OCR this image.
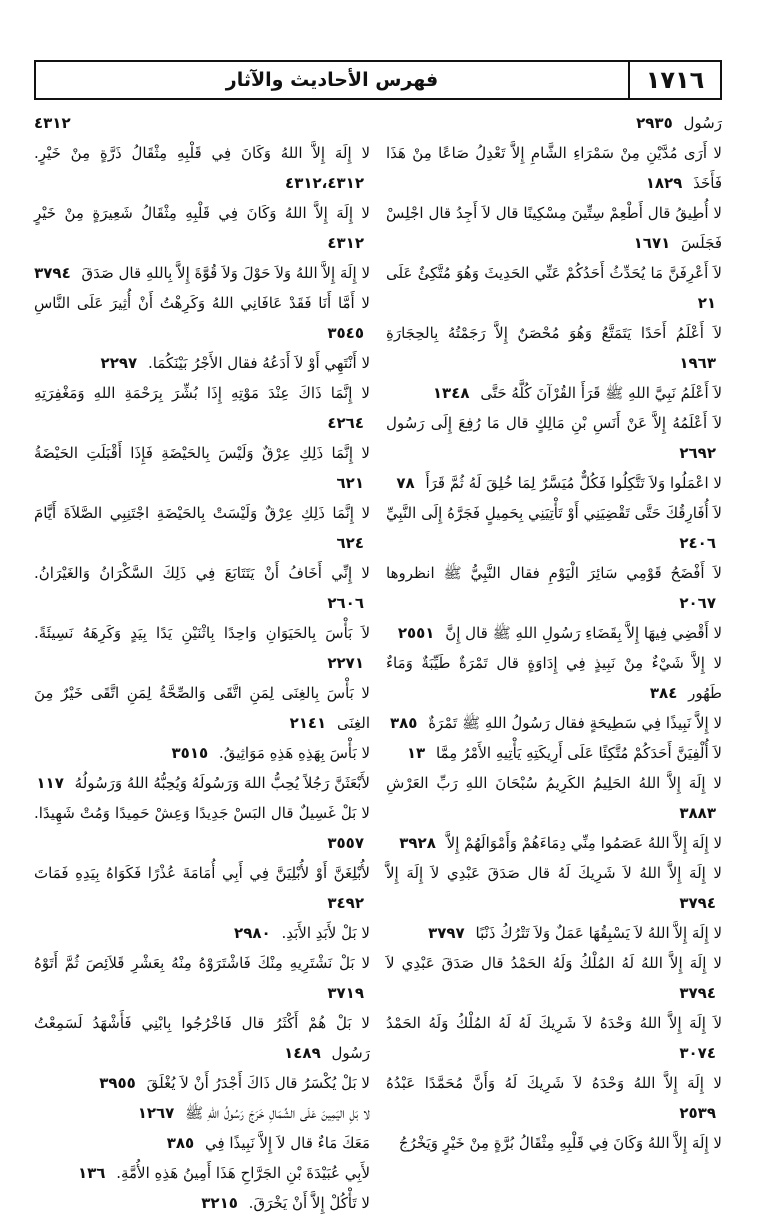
١٧١٦
فهرس الأحاديث والآثار

رَسُول ٢٩٣٥

لا أَرَى مُدَّيْنِ مِنْ سَمْرَاءِ الشَّامِ إِلاَّ تَعْدِلُ صَاعًا مِنْ هَذَا فَأَخَذَ ١٨٢٩

لا أُطِيقُ قال أَطْعِمْ سِتِّينَ مِسْكِينًا قال لاَ أَجِدُ قال اجْلِسْ فَجَلَسَ ١٦٧١

لاَ أَعْرِفَنَّ مَا يُحَدِّثُ أَحَدُكُمْ عَنِّي الحَدِيثَ وَهُوَ مُتَّكِئٌ عَلَى ٢١

لاَ أَعْلَمُ أَحَدًا يَتَمَتَّعُ وَهُوَ مُحْصَنٌ إِلاَّ رَجَمْتُهُ بِالحِجَارَةِ ١٩٦٣

لاَ أَعْلَمُ نَبِيَّ اللهِ ﷺ قَرَأَ القُرْآنَ كُلَّهُ حَتَّى ١٣٤٨

لاَ أَعْلَمُهُ إِلاَّ عَنْ أَنَسِ بْنِ مَالِكٍ قال مَا رُفِعَ إِلَى رَسُول ٢٦٩٢

لا اعْمَلُوا وَلاَ تَتَّكِلُوا فَكُلٌّ مُيَسَّرٌ لِمَا خُلِقَ لَهُ ثُمَّ قَرَأَ ٧٨

لاَ أُفَارِقُكَ حَتَّى تَقْضِيَنِي أَوْ تَأْتِيَنِي بِحَمِيلٍ فَجَرَّهُ إِلَى النَّبِيِّ ٢٤٠٦

لاَ أَفْضَحُ قَوْمِي سَائِرَ الْيَوْمِ فقال النَّبِيُّ ﷺ انظروها ٢٠٦٧

لا أَقْضِي فِيهَا إِلاَّ بِقَضَاءِ رَسُولِ اللهِ ﷺ قال إِنَّ ٢٥٥١

لا إِلاَّ شَيْءٌ مِنْ نَبِيذٍ فِي إِدَاوَةٍ قال تَمْرَةٌ طَيِّبَةٌ وَمَاءٌ طَهُور ٣٨٤

لا إِلاَّ نَبِيذًا فِي سَطِيحَةٍ فقال رَسُولُ اللهِ ﷺ تَمْرَةٌ ٣٨٥

لاَ أُلْفِيَنَّ أَحَدَكُمْ مُتَّكِئًا عَلَى أَرِيكَتِهِ يَأْتِيهِ الأَمْرُ مِمَّا ١٣

لا إِلَهَ إِلاَّ اللهُ الحَلِيمُ الكَرِيمُ سُبْحَانَ اللهِ رَبِّ العَرْشِ ٣٨٨٣

لا إِلَهَ إِلاَّ اللهُ عَصَمُوا مِنِّي دِمَاءَهُمْ وَأَمْوَالَهُمْ إِلاَّ ٣٩٢٨

لا إِلَهَ إِلاَّ اللهُ لاَ شَرِيكَ لَهُ قال صَدَقَ عَبْدِي لاَ إِلَهَ إِلاَّ ٣٧٩٤

لا إِلَهَ إِلاَّ اللهُ لاَ يَسْبِقُهَا عَمَلٌ وَلاَ تَتْرُكُ ذَنْبًا ٣٧٩٧

لا إِلَهَ إِلاَّ اللهُ لَهُ المُلْكُ وَلَهُ الحَمْدُ قال صَدَقَ عَبْدِي لاَ ٣٧٩٤

لاَ إِلَهَ إِلاَّ اللهُ وَحْدَهُ لاَ شَرِيكَ لَهُ لَهُ المُلْكُ وَلَهُ الحَمْدُ ٣٠٧٤

لا إِلَهَ إِلاَّ اللهُ وَحْدَهُ لاَ شَرِيكَ لَهُ وَأَنَّ مُحَمَّدًا عَبْدُهُ ٢٥٣٩

لا إِلَهَ إِلاَّ اللهُ وَكَانَ فِي قَلْبِهِ مِثْقَالُ بُرَّةٍ مِنْ خَيْرٍ وَيَخْرُجُ

٤٣١٢

لا إِلَهَ إِلاَّ اللهُ وَكَانَ فِي قَلْبِهِ مِثْقَالُ ذَرَّةٍ مِنْ خَيْرٍ. ٤٣١٢،٤٣١٢

لا إِلَهَ إِلاَّ اللهُ وَكَانَ فِي قَلْبِهِ مِثْقَالُ شَعِيرَةٍ مِنْ خَيْرٍ ٤٣١٢

لا إِلَهَ إِلاَّ اللهُ وَلاَ حَوْلَ وَلاَ قُوَّةَ إِلاَّ بِاللهِ قال صَدَقَ ٣٧٩٤

لا أَمَّا أَنَا فَقَدْ عَافَانِي اللهُ وَكَرِهْتُ أَنْ أُثِيرَ عَلَى النَّاسِ ٣٥٤٥

لا أَنْتَهِي أَوْ لاَ أَدَعُهُ فقال الأَجْرُ بَيْنَكُمَا. ٢٢٩٧

لا إِنَّمَا ذَاكَ عِنْدَ مَوْتِهِ إِذَا بُشِّرَ بِرَحْمَةِ اللهِ وَمَغْفِرَتِهِ ٤٢٦٤

لا إِنَّمَا ذَلِكِ عِرْقٌ وَلَيْسَ بِالحَيْضَةِ فَإِذَا أَقْبَلَتِ الحَيْضَةُ ٦٢١

لا إِنَّمَا ذَلِكِ عِرْقٌ وَلَيْسَتْ بِالحَيْضَةِ اجْتَنِبِي الصَّلاَةَ أَيَّامَ ٦٢٤

لا إِنِّي أَخَافُ أَنْ يَتَتَابَعَ فِي ذَلِكَ السَّكْرَانُ وَالغَيْرَانُ. ٢٦٠٦

لاَ بَأْسَ بِالحَيَوَانِ وَاحِدًا بِاثْنَيْنِ يَدًا بِيَدٍ وَكَرِهَهُ نَسِيئَةً. ٢٢٧١

لا بَأْسَ بِالغِنَى لِمَنِ اتَّقَى وَالصِّحَّةُ لِمَنِ اتَّقَى خَيْرٌ مِنَ الغِنَى ٢١٤١

لا بَأْسَ بِهَذِهِ هَذِهِ مَوَاثِيقُ. ٣٥١٥

لأَبْعَثَنَّ رَجُلاً يُحِبُّ اللهَ وَرَسُولَهُ وَيُحِبُّهُ اللهُ وَرَسُولُهُ ١١٧

لا بَلْ غَسِيلٌ قال البَسْ جَدِيدًا وَعِشْ حَمِيدًا وَمُتْ شَهِيدًا. ٣٥٥٧

لأُبْلِغَنَّ أَوْ لأُبْلِيَنَّ فِي أَبِي أُمَامَةَ عُذْرًا فَكَوَاهُ بِيَدِهِ فَمَاتَ ٣٤٩٢

لا بَلْ لأَبَدِ الأَبَدِ. ٢٩٨٠

لا بَلْ نَشْتَرِيهِ مِنْكَ فَاشْتَرَوْهُ مِنْهُ بِعَشْرِ قَلاَئِصَ ثُمَّ أَتَوْهُ ٣٧١٩

لا بَلْ هُمْ أَكْثَرُ قال فَاخْرُجُوا بِابْنِي فَأَشْهَدُ لَسَمِعْتُ رَسُول ١٤٨٩

لا بَلْ يُكْسَرُ قال ذَاكَ أَجْدَرُ أَنْ لاَ يُغْلَقَ ٣٩٥٥

لا بَلِ اليَمِينَ عَلَى الشِّمَالِ خَرَجَ رَسُولُ اللهِ ﷺ ١٢٦٧

مَعَكَ مَاءٌ قال لاَ إِلاَّ نَبِيذًا فِي ٣٨٥

لأَبِي عُبَيْدَةَ بْنِ الجَرَّاحِ هَذَا أَمِينُ هَذِهِ الأُمَّةِ. ١٣٦

لا تَأْكُلْ إِلاَّ أَنْ يَخْرَقَ. ٣٢١٥
